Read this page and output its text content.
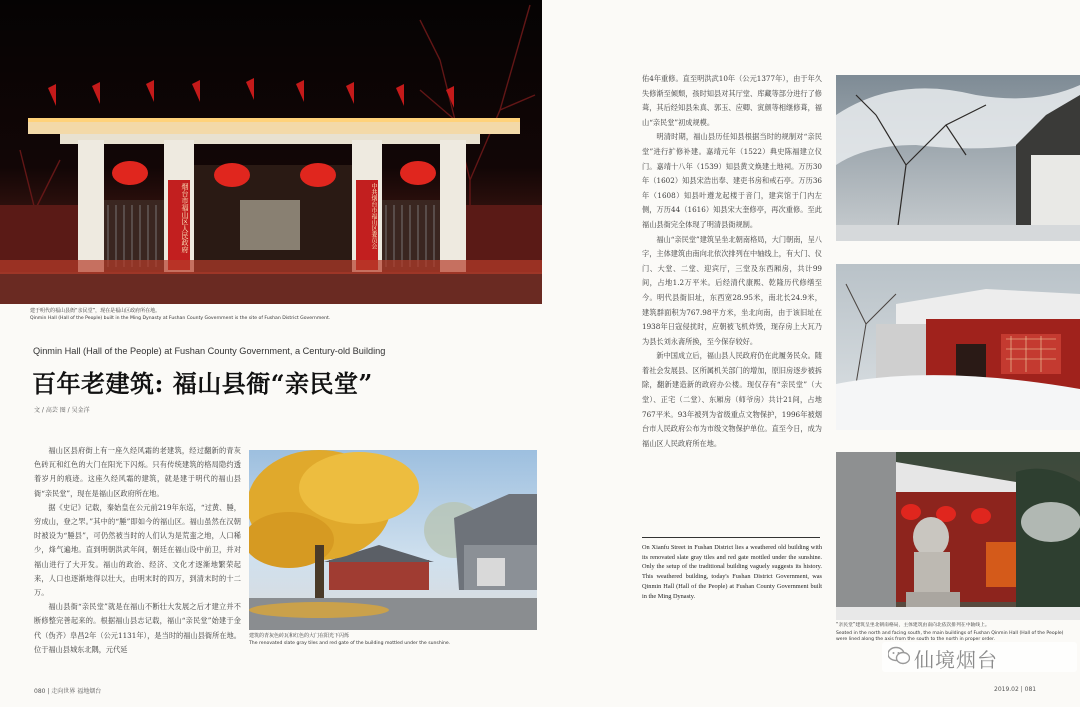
烟台市福山区人民政府	中共烟台市福山区委员会
建于明代的福山县衙“亲民堂”，现在是福山区政府所在地。
Qinmin Hall (Hall of the People) built in the Ming Dynasty at Fushan County Government is the site of Fushan District Government.
Qinmin Hall (Hall of the People) at Fushan County Government, a Century-old Building
百年老建筑: 福山县衙“亲民堂”
文 / 高芸 图 / 吴金洋

福山区县府街上有一座久经风霜的老建筑，经过翻新的青灰色砖瓦和红色的大门在阳光下闪烁。只有传统建筑的格局隐约透着岁月的痕迹。这座久经风霜的建筑，就是建于明代的福山县衙“亲民堂”，现在是福山区政府所在地。

据《史记》记载，秦始皇在公元前219年东巡，“过黄、腄，穷成山，登之罘。”其中的“腄”即如今的福山区。福山虽然在汉朝时被设为“腄县”，可仍然被当时的人们认为是荒蛮之地，人口稀少，烽气遍地。直到明朝洪武年间，朝廷在福山设中前卫，并对福山进行了大开发。福山的政治、经济、文化才逐渐地繁荣起来，人口也逐渐地得以壮大，由明末时的四万，到清末时的十二万。

福山县衙“亲民堂”就是在福山不断壮大发展之后才建立并不断修整完善起来的。根据福山县志记载，福山“亲民堂”始建于金代（伪齐）阜昌2年（公元1131年），是当时的福山县衙所在地。位于福山县城东北隅，元代延

建筑的青灰色砖瓦和红色的大门在阳光下闪烁
The renovated slate gray tiles and red gate of the building mottled under the sunshine.
080 | 走向世界 福地烟台

佑4年重修。直至明洪武10年（公元1377年），由于年久失修渐至倾颓，孩时知县对其厅堂、库藏等部分进行了修葺，其后经知县朱真、郭玉、应卿、寅颜等相继修葺，福山“亲民堂”初成规模。

明清时期，福山县历任知县根据当时的规制对“亲民堂”进行扩修补建。嘉靖元年（1522）典史陈福建立仪门。嘉靖十八年（1539）知县黄文焕建土地祠。万历30年（1602）知县宋浩出奉、建吏书房和戒石亭。万历36年（1608）知县叶遵龙起楼于音门，建宾馆于门内左侧，万历44（1616）知县宋大奎修亭，再次重修。至此福山县衙完全体现了明清县衙规制。

福山“亲民堂”建筑呈坐北朝南格局，大门朝南，呈八字，主体建筑由南向北依次排列在中轴线上，有大门、仪门、大堂、二堂、迎宾厅，三堂及东西厢房，共计99间，占地1.2万平米。后经清代康熙、乾隆历代修缮至今。明代县衙旧址，东西宽28.95米，南北长24.9米，建筑群面积为767.98平方米，坐北向南，由于该旧址在1938年日寇侵扰时，应朝被飞机炸毁，现存房上大瓦乃为县长刘永斋所换，至今保存较好。

新中国成立后，福山县人民政府仍在此履务民众。随着社会发展县、区所属机关部门的增加，原旧房逐步被拆除，翻新建造新的政府办公楼。现仅存有“亲民堂”（大堂）、正宅（二堂）、东厢房（师爷房）共计21间，占地767平米。93年被列为省级重点文物保护，1996年被烟台市人民政府公布为市级文物保护单位。直至今日，成为福山区人民政府所在地。

On Xianfu Street in Fushan District lies a weathered old building with its renovated slate gray tiles and red gate mottled under the sunshine. Only the setup of the traditional building vaguely suggests its history. This weathered building, today's Fushan District Government, was Qinmin Hall (Hall of the People) at Fushan County Government built in the Ming Dynasty.
“亲民堂”建筑呈坐北朝南格局，主体建筑由南向北依次排列在中轴线上。
Seated in the north and facing south, the main buildings of Fushan Qinmin Hall (Hall of the People) were lined along the axis from the south to the north in proper order.
仙境烟台
2019.02 | 081
